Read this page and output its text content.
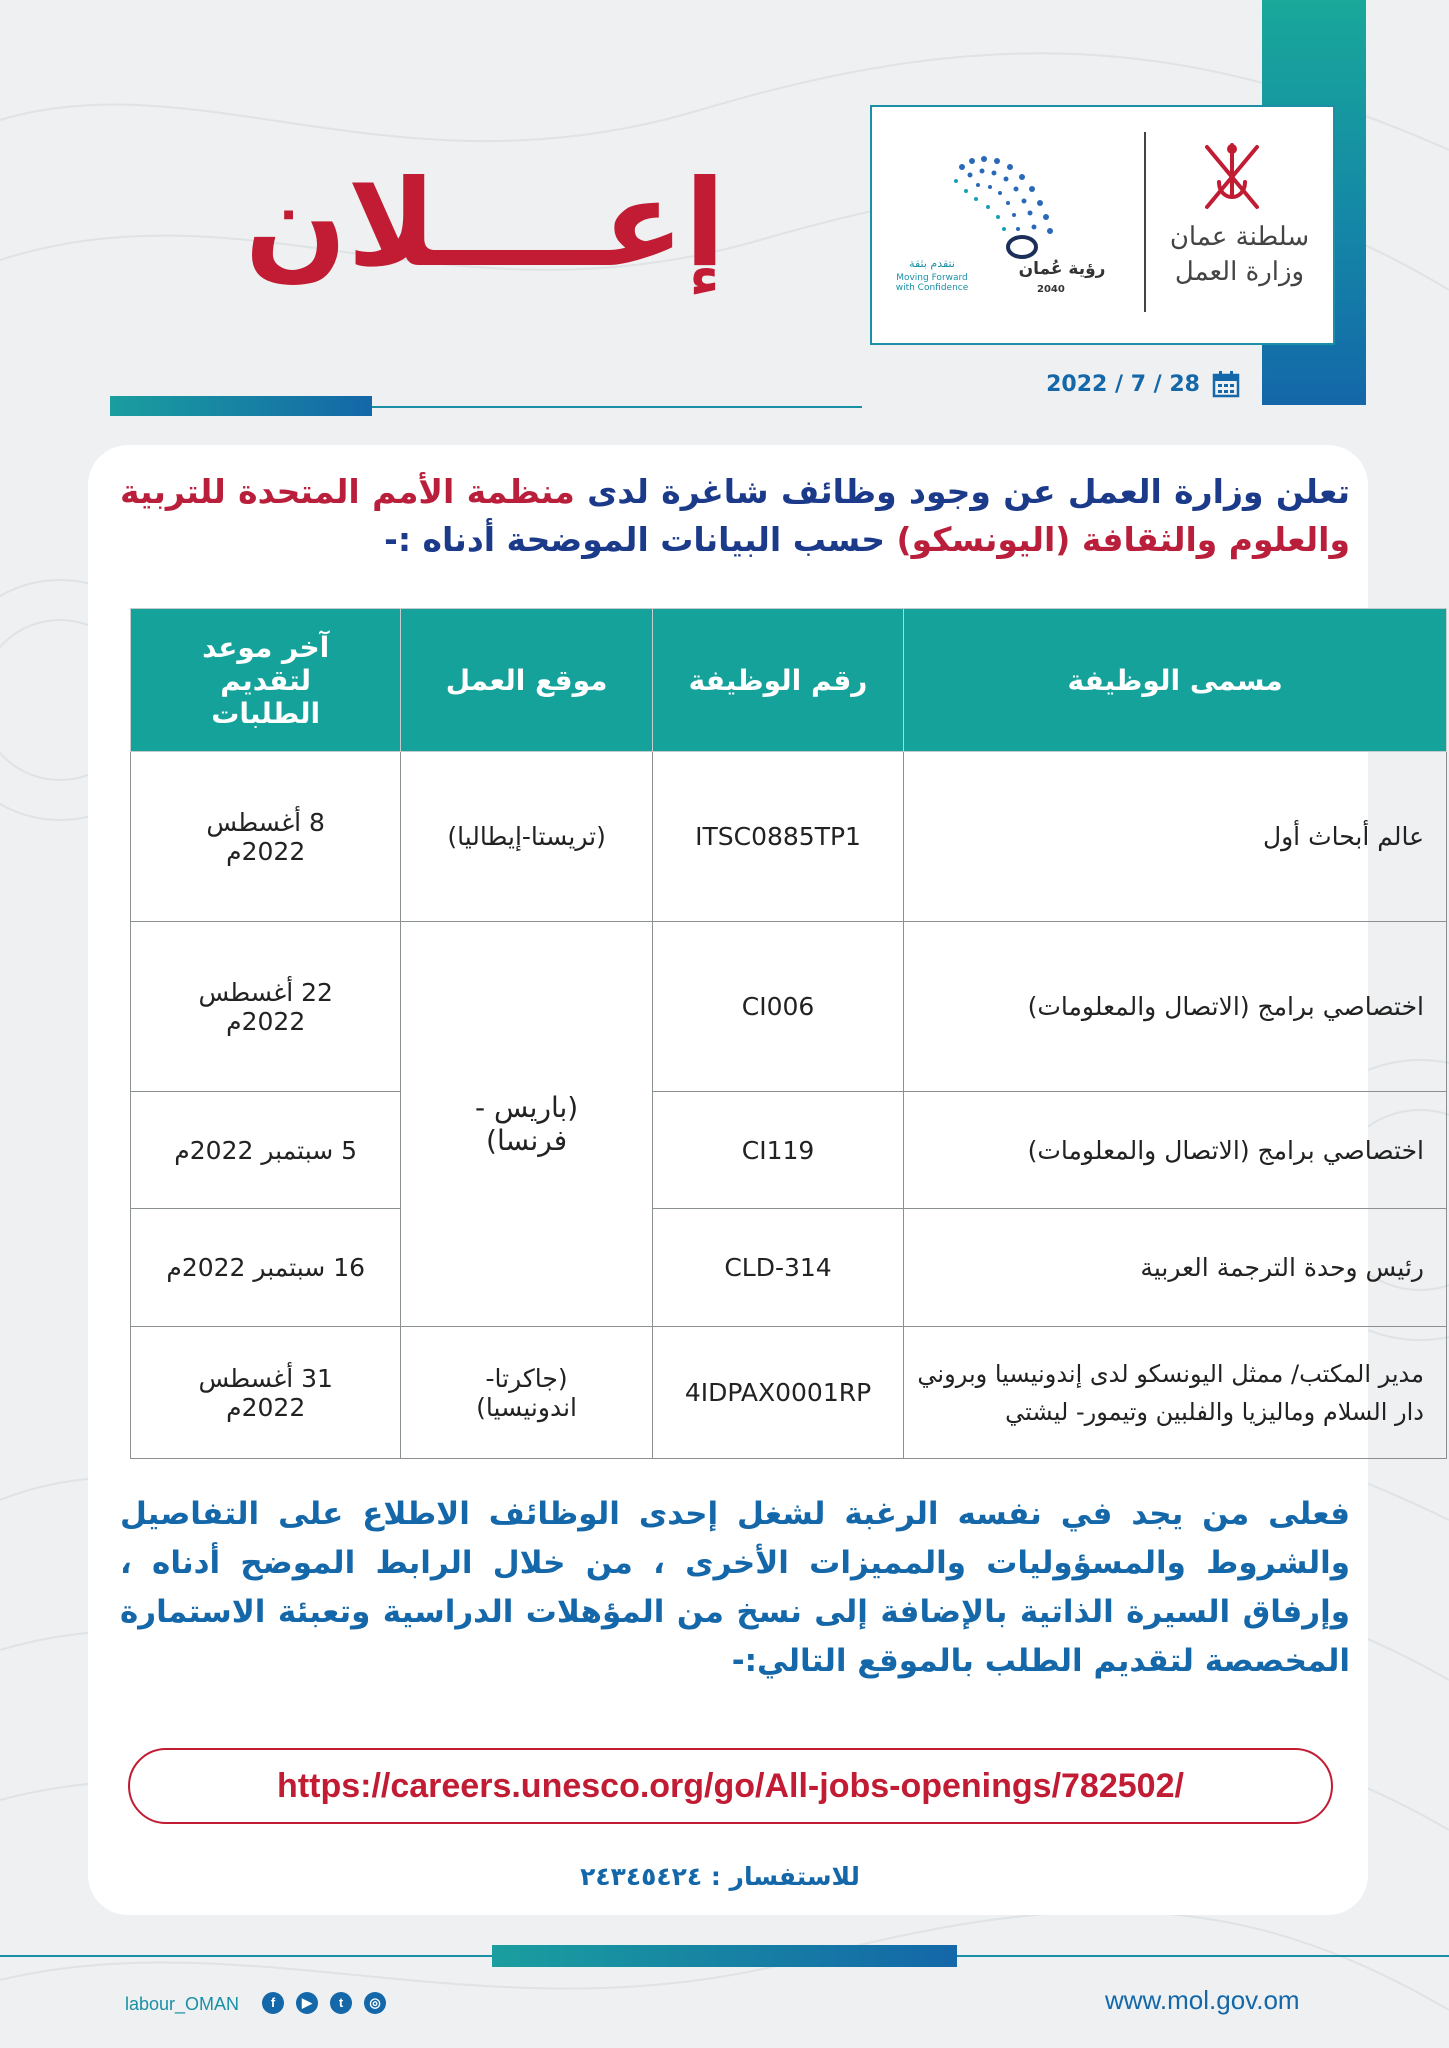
سلطنة عمان
وزارة العمل
رؤية عُمان
2040
نتقدم بثقة
Moving Forward with Confidence
إعــــلان
2022 / 7 / 28
تعلن وزارة العمل عن وجود وظائف شاغرة لدى منظمة الأمم المتحدة للتربية والعلوم والثقافة (اليونسكو) حسب البيانات الموضحة أدناه :-
مسمى الوظيفة	رقم الوظيفة	موقع العمل	آخر موعد لتقديم الطلبات
عالم أبحاث أول	ITSC0885TP1	(تريستا-إيطاليا)	8 أغسطس 2022م
اختصاصي برامج (الاتصال والمعلومات)	CI006	(باريس - فرنسا)	22 أغسطس 2022م
اختصاصي برامج (الاتصال والمعلومات)	CI119		5 سبتمبر 2022م
رئيس وحدة الترجمة العربية	CLD-314		16 سبتمبر 2022م
مدير المكتب/ ممثل اليونسكو لدى إندونيسيا وبروني دار السلام وماليزيا والفلبين وتيمور- ليشتي	4IDPAX0001RP	(جاكرتا- اندونيسيا)	31 أغسطس 2022م
فعلى من يجد في نفسه الرغبة لشغل إحدى الوظائف الاطلاع على التفاصيل والشروط والمسؤوليات والمميزات الأخرى ، من خلال الرابط الموضح أدناه ، وإرفاق السيرة الذاتية بالإضافة إلى نسخ من المؤهلات الدراسية وتعبئة الاستمارة المخصصة لتقديم الطلب بالموقع التالي:-
https://careers.unesco.org/go/All-jobs-openings/782502/
للاستفسار : ٢٤٣٤٥٤٢٤
labour_OMAN	f	▶	t	◎	www.mol.gov.om
